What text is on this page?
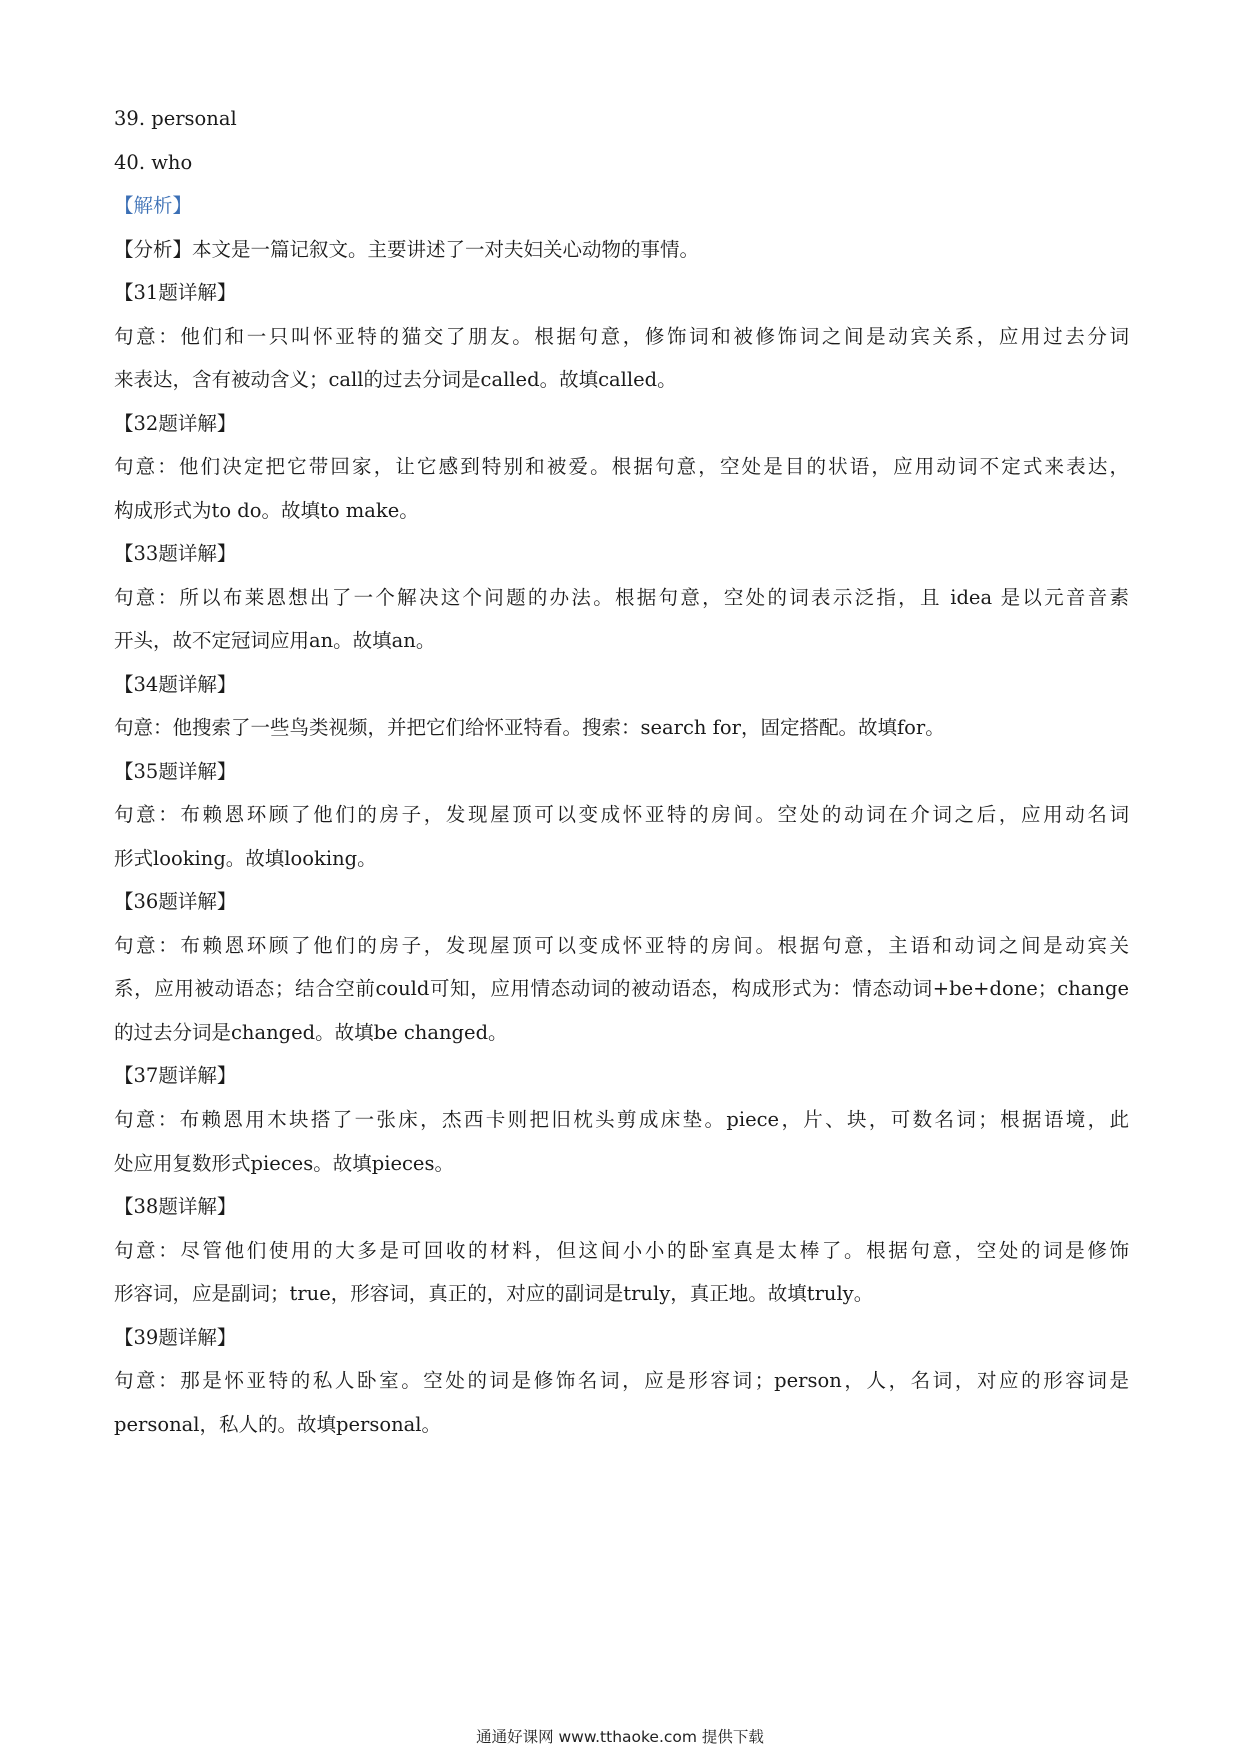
39. personal
40. who
【解析】
【分析】本文是一篇记叙文。主要讲述了一对夫妇关心动物的事情。
【31题详解】
句意：他们和一只叫怀亚特的猫交了朋友。根据句意，修饰词和被修饰词之间是动宾关系，应用过去分词
来表达，含有被动含义；call的过去分词是called。故填called。
【32题详解】
句意：他们决定把它带回家，让它感到特别和被爱。根据句意，空处是目的状语，应用动词不定式来表达，
构成形式为to do。故填to make。
【33题详解】
句意：所以布莱恩想出了一个解决这个问题的办法。根据句意，空处的词表示泛指，且 idea 是以元音音素
开头，故不定冠词应用an。故填an。
【34题详解】
句意：他搜索了一些鸟类视频，并把它们给怀亚特看。搜索：search for，固定搭配。故填for。
【35题详解】
句意：布赖恩环顾了他们的房子，发现屋顶可以变成怀亚特的房间。空处的动词在介词之后，应用动名词
形式looking。故填looking。
【36题详解】
句意：布赖恩环顾了他们的房子，发现屋顶可以变成怀亚特的房间。根据句意，主语和动词之间是动宾关
系，应用被动语态；结合空前could可知，应用情态动词的被动语态，构成形式为：情态动词+be+done；change
的过去分词是changed。故填be changed。
【37题详解】
句意：布赖恩用木块搭了一张床，杰西卡则把旧枕头剪成床垫。piece，片、块，可数名词；根据语境，此
处应用复数形式pieces。故填pieces。
【38题详解】
句意：尽管他们使用的大多是可回收的材料，但这间小小的卧室真是太棒了。根据句意，空处的词是修饰
形容词，应是副词；true，形容词，真正的，对应的副词是truly，真正地。故填truly。
【39题详解】
句意：那是怀亚特的私人卧室。空处的词是修饰名词，应是形容词；person，人，名词，对应的形容词是
personal，私人的。故填personal。
通通好课网 www.tthaoke.com 提供下载
